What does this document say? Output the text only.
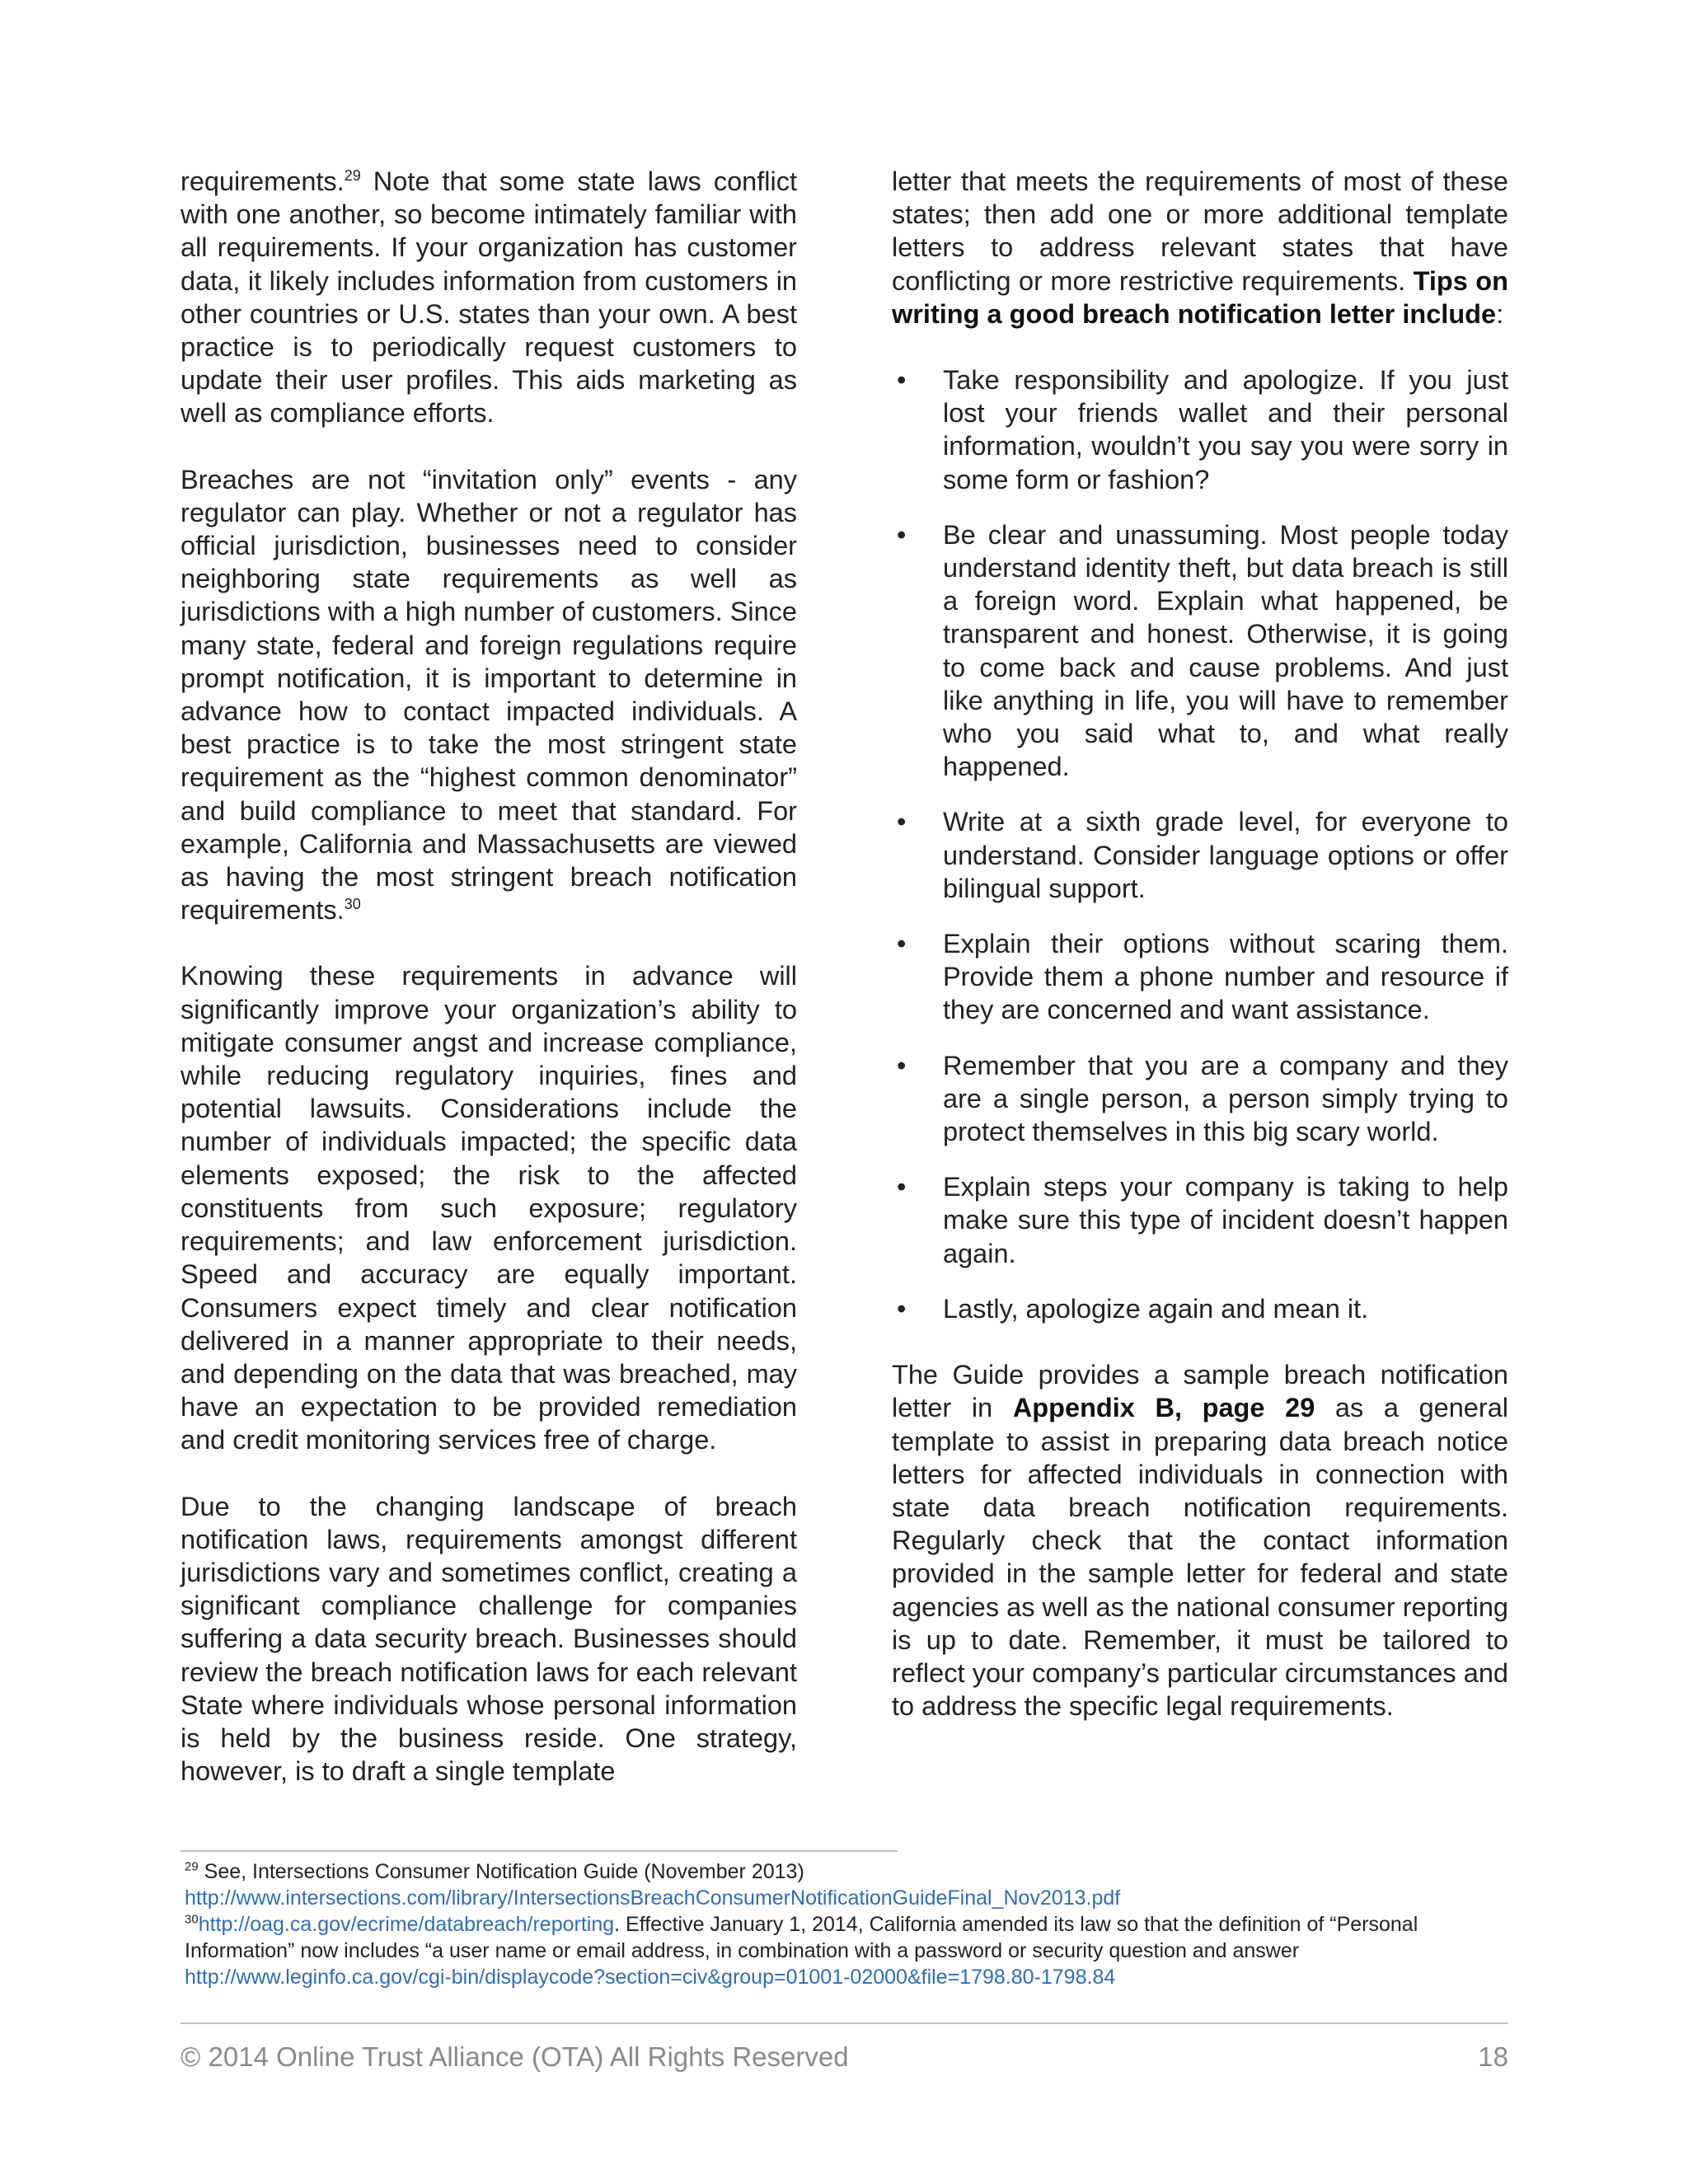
requirements.$^{29}$ Note that some state laws conflict with one another, so become intimately familiar with all requirements. If your organization has customer data, it likely includes information from customers in other countries or U.S. states than your own. A best practice is to periodically request customers to update their user profiles. This aids marketing as well as compliance efforts.

Breaches are not “invitation only” events - any regulator can play. Whether or not a regulator has official jurisdiction, businesses need to consider neighboring state requirements as well as jurisdictions with a high number of customers. Since many state, federal and foreign regulations require prompt notification, it is important to determine in advance how to contact impacted individuals. A best practice is to take the most stringent state requirement as the “highest common denominator” and build compliance to meet that standard. For example, California and Massachusetts are viewed as having the most stringent breach notification requirements.$^{30}$

Knowing these requirements in advance will significantly improve your organization’s ability to mitigate consumer angst and increase compliance, while reducing regulatory inquiries, fines and potential lawsuits. Considerations include the number of individuals impacted; the specific data elements exposed; the risk to the affected constituents from such exposure; regulatory requirements; and law enforcement jurisdiction. Speed and accuracy are equally important. Consumers expect timely and clear notification delivered in a manner appropriate to their needs, and depending on the data that was breached, may have an expectation to be provided remediation and credit monitoring services free of charge.

Due to the changing landscape of breach notification laws, requirements amongst different jurisdictions vary and sometimes conflict, creating a significant compliance challenge for companies suffering a data security breach. Businesses should review the breach notification laws for each relevant State where individuals whose personal information is held by the business reside. One strategy, however, is to draft a single template

letter that meets the requirements of most of these states; then add one or more additional template letters to address relevant states that have conflicting or more restrictive requirements. Tips on writing a good breach notification letter include:

• Take responsibility and apologize. If you just lost your friends wallet and their personal information, wouldn’t you say you were sorry in some form or fashion?
• Be clear and unassuming. Most people today understand identity theft, but data breach is still a foreign word. Explain what happened, be transparent and honest. Otherwise, it is going to come back and cause problems. And just like anything in life, you will have to remember who you said what to, and what really happened.
• Write at a sixth grade level, for everyone to understand. Consider language options or offer bilingual support.
• Explain their options without scaring them. Provide them a phone number and resource if they are concerned and want assistance.
• Remember that you are a company and they are a single person, a person simply trying to protect themselves in this big scary world.
• Explain steps your company is taking to help make sure this type of incident doesn’t happen again.
• Lastly, apologize again and mean it.

The Guide provides a sample breach notification letter in Appendix B, page 29 as a general template to assist in preparing data breach notice letters for affected individuals in connection with state data breach notification requirements. Regularly check that the contact information provided in the sample letter for federal and state agencies as well as the national consumer reporting is up to date. Remember, it must be tailored to reflect your company’s particular circumstances and to address the specific legal requirements.

$^{29}$ See, Intersections Consumer Notification Guide (November 2013)

http://www.intersections.com/library/IntersectionsBreachConsumerNotificationGuideFinal_Nov2013.pdf

$^{30}$http://oag.ca.gov/ecrime/databreach/reporting. Effective January 1, 2014, California amended its law so that the definition of “Personal Information” now includes “a user name or email address, in combination with a password or security question and answer

http://www.leginfo.ca.gov/cgi-bin/displaycode?section=civ&group=01001-02000&file=1798.80-1798.84

© 2014 Online Trust Alliance (OTA) All Rights Reserved	18
